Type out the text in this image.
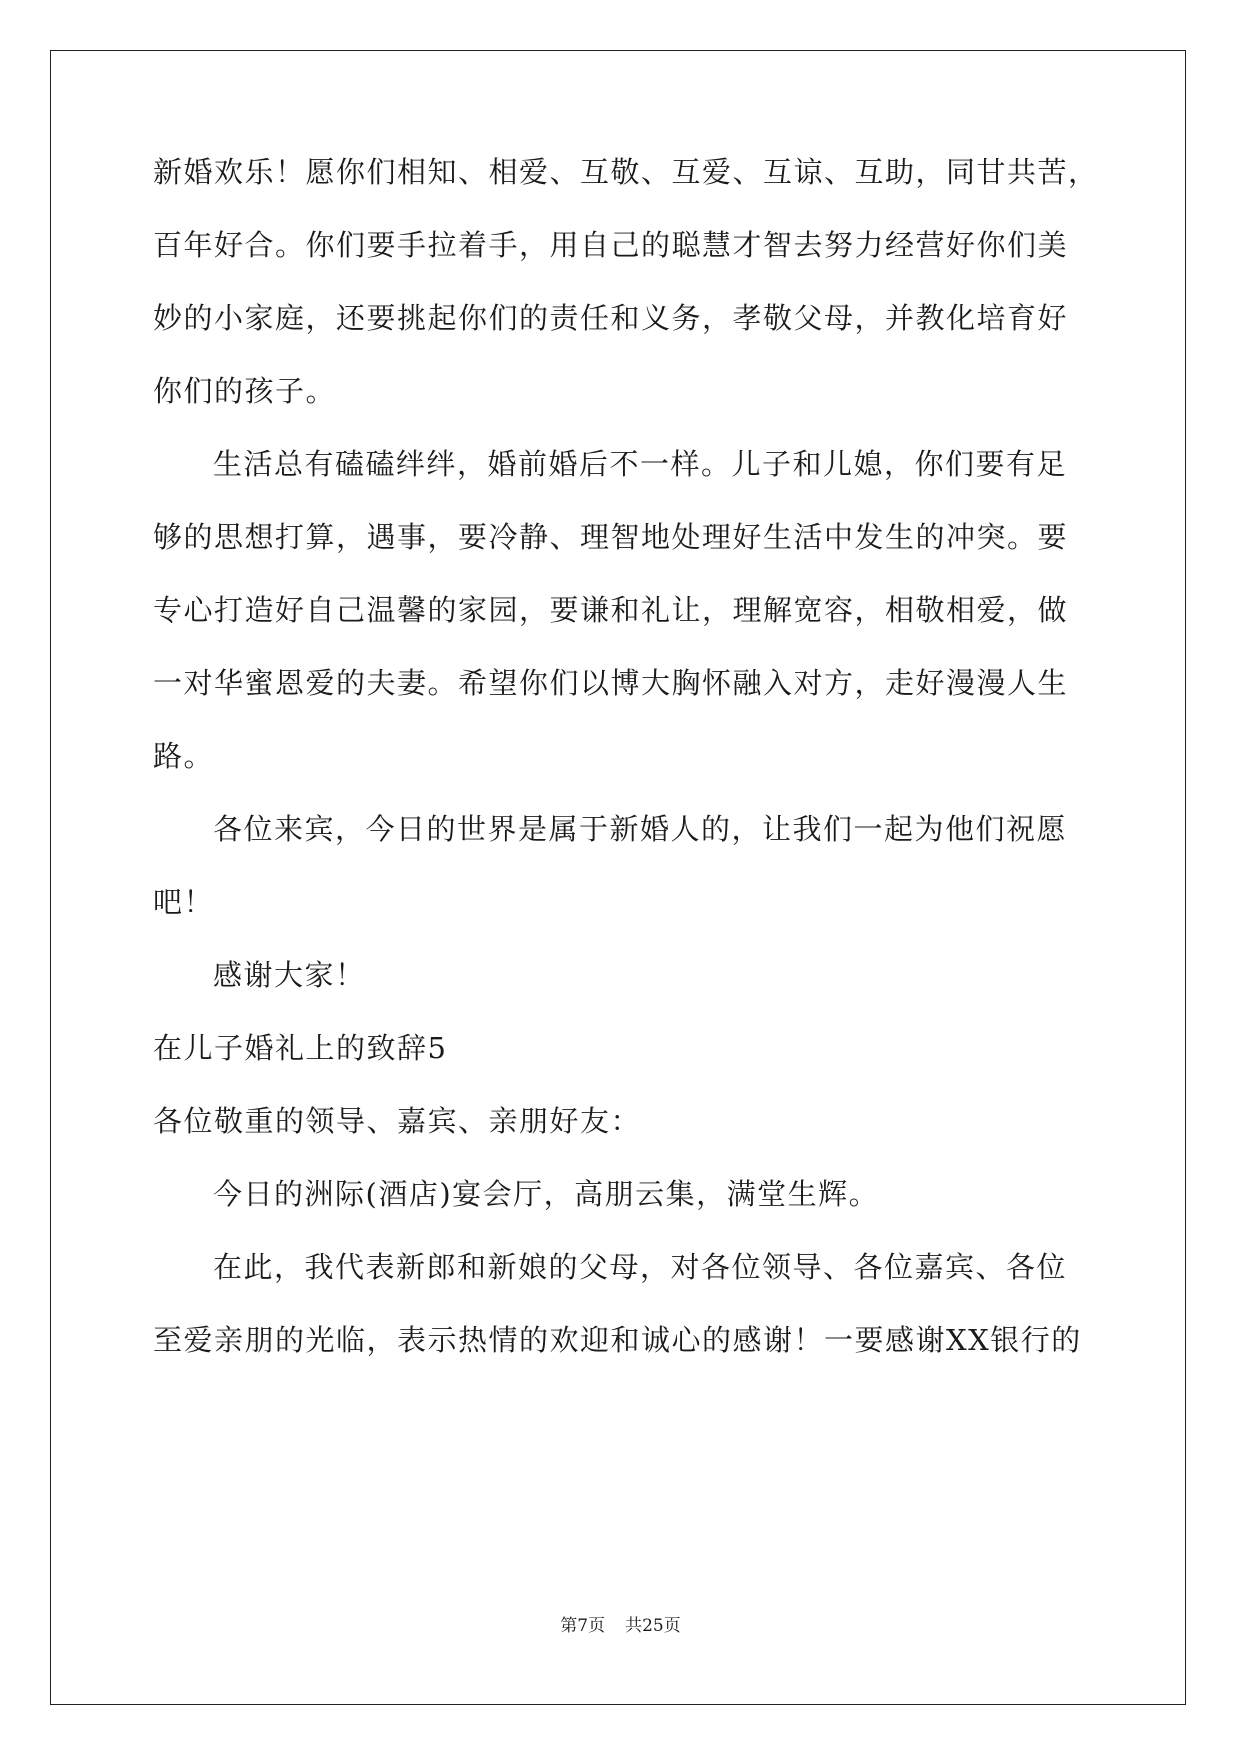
新婚欢乐！愿你们相知、相爱、互敬、互爱、互谅、互助，同甘共苦，
百年好合。你们要手拉着手，用自己的聪慧才智去努力经营好你们美
妙的小家庭，还要挑起你们的责任和义务，孝敬父母，并教化培育好
你们的孩子。
生活总有磕磕绊绊，婚前婚后不一样。儿子和儿媳，你们要有足
够的思想打算，遇事，要冷静、理智地处理好生活中发生的冲突。要
专心打造好自己温馨的家园，要谦和礼让，理解宽容，相敬相爱，做
一对华蜜恩爱的夫妻。希望你们以博大胸怀融入对方，走好漫漫人生
路。
各位来宾，今日的世界是属于新婚人的，让我们一起为他们祝愿
吧！
感谢大家！
在儿子婚礼上的致辞5
各位敬重的领导、嘉宾、亲朋好友：
今日的洲际(酒店)宴会厅，高朋云集，满堂生辉。
在此，我代表新郎和新娘的父母，对各位领导、各位嘉宾、各位
至爱亲朋的光临，表示热情的欢迎和诚心的感谢！一要感谢XX银行的
第7页 共25页
